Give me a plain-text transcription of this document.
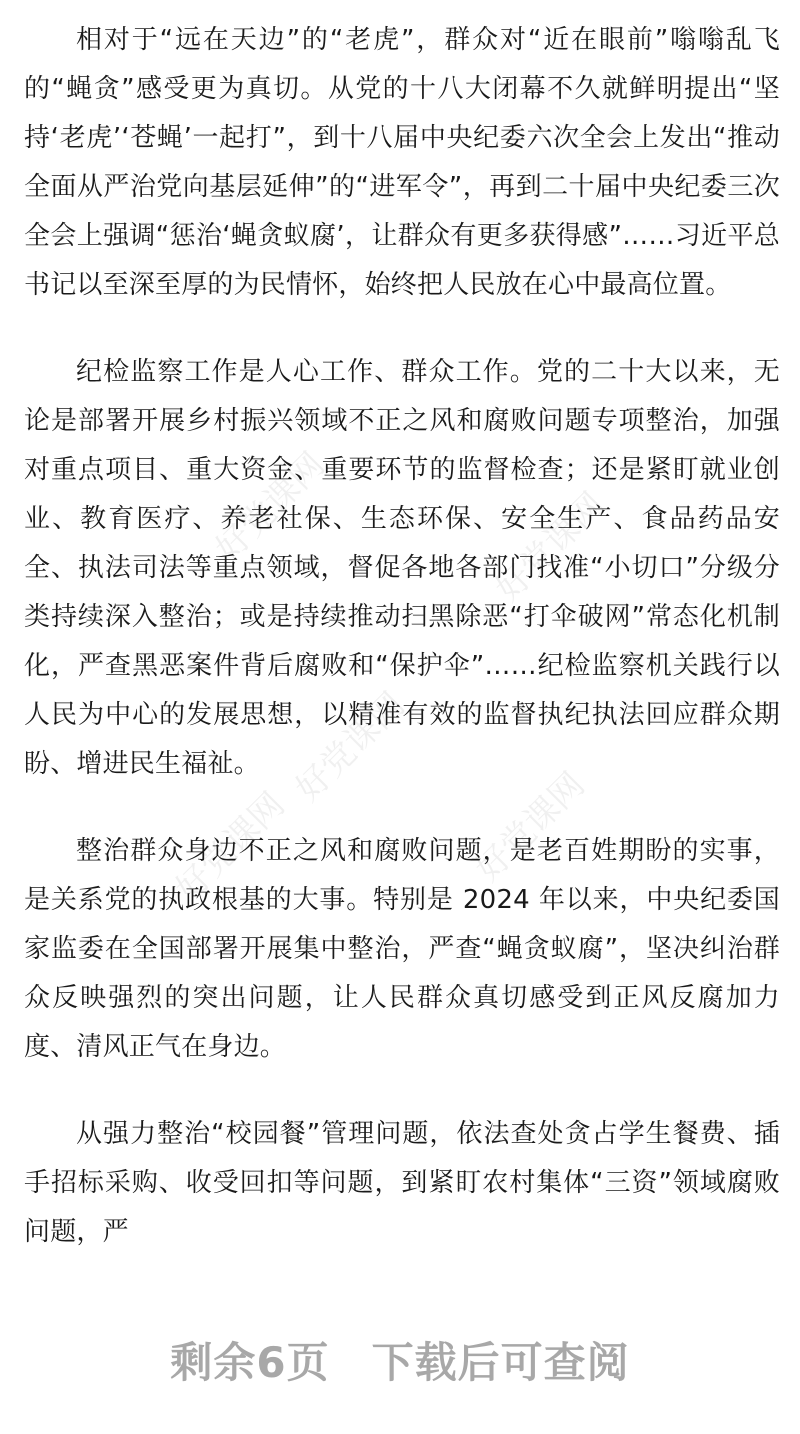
好党课网	好党课网
好党课网
好党课网	好党课网

相对于“远在天边”的“老虎”，群众对“近在眼前”嗡嗡乱飞的“蝇贪”感受更为真切。从党的十八大闭幕不久就鲜明提出“坚持‘老虎’‘苍蝇’一起打”，到十八届中央纪委六次全会上发出“推动全面从严治党向基层延伸”的“进军令”，再到二十届中央纪委三次全会上强调“惩治‘蝇贪蚁腐’，让群众有更多获得感”……习近平总书记以至深至厚的为民情怀，始终把人民放在心中最高位置。

纪检监察工作是人心工作、群众工作。党的二十大以来，无论是部署开展乡村振兴领域不正之风和腐败问题专项整治，加强对重点项目、重大资金、重要环节的监督检查；还是紧盯就业创业、教育医疗、养老社保、生态环保、安全生产、食品药品安全、执法司法等重点领域，督促各地各部门找准“小切口”分级分类持续深入整治；或是持续推动扫黑除恶“打伞破网”常态化机制化，严查黑恶案件背后腐败和“保护伞”……纪检监察机关践行以人民为中心的发展思想，以精准有效的监督执纪执法回应群众期盼、增进民生福祉。

整治群众身边不正之风和腐败问题，是老百姓期盼的实事，是关系党的执政根基的大事。特别是 2024 年以来，中央纪委国家监委在全国部署开展集中整治，严查“蝇贪蚁腐”，坚决纠治群众反映强烈的突出问题，让人民群众真切感受到正风反腐加力度、清风正气在身边。

从强力整治“校园餐”管理问题，依法查处贪占学生餐费、插手招标采购、收受回扣等问题，到紧盯农村集体“三资”领域腐败问题，严

剩余6页 下载后可查阅
